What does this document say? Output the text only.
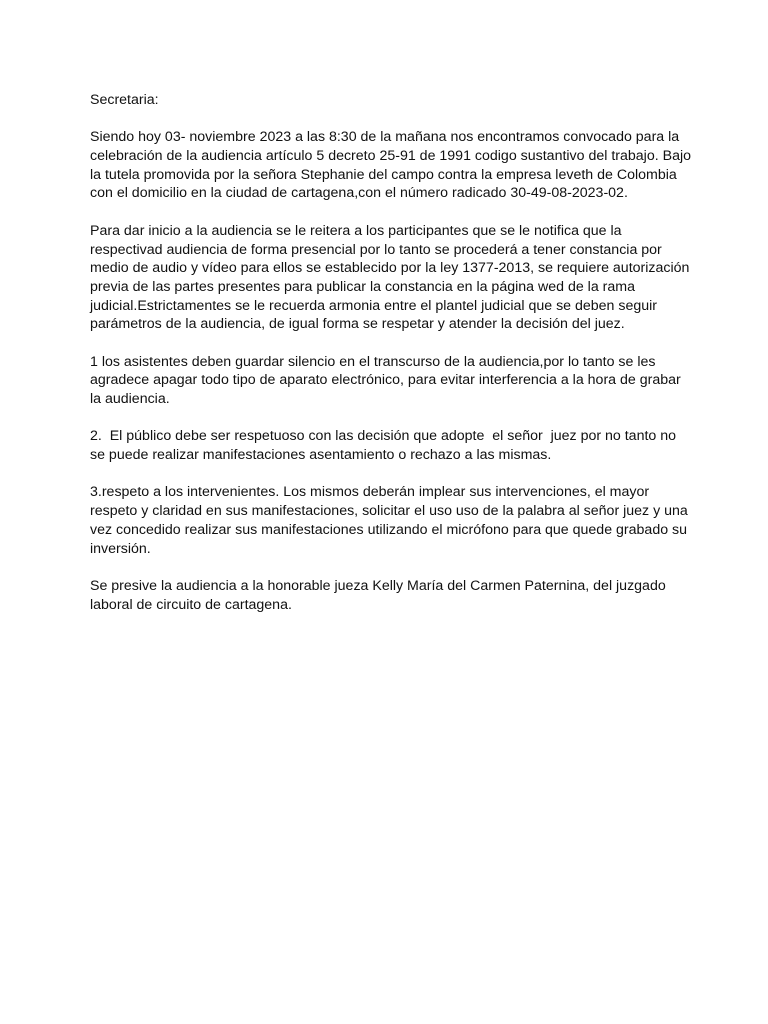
Secretaria:
Siendo hoy 03- noviembre 2023 a las 8:30 de la mañana nos encontramos convocado para la
celebración de la audiencia artículo 5 decreto 25-91 de 1991 codigo sustantivo del trabajo. Bajo
la tutela promovida por la señora Stephanie del campo contra la empresa leveth de Colombia
con el domicilio en la ciudad de cartagena,con el número radicado 30-49-08-2023-02.
Para dar inicio a la audiencia se le reitera a los participantes que se le notifica que la
respectivad audiencia de forma presencial por lo tanto se procederá a tener constancia por
medio de audio y vídeo para ellos se establecido por la ley 1377-2013, se requiere autorización
previa de las partes presentes para publicar la constancia en la página wed de la rama
judicial.Estrictamentes se le recuerda armonia entre el plantel judicial que se deben seguir
parámetros de la audiencia, de igual forma se respetar y atender la decisión del juez.
1 los asistentes deben guardar silencio en el transcurso de la audiencia,por lo tanto se les
agradece apagar todo tipo de aparato electrónico, para evitar interferencia a la hora de grabar
la audiencia.
2.  El público debe ser respetuoso con las decisión que adopte  el señor  juez por no tanto no
se puede realizar manifestaciones asentamiento o rechazo a las mismas.
3.respeto a los intervenientes. Los mismos deberán implear sus intervenciones, el mayor
respeto y claridad en sus manifestaciones, solicitar el uso uso de la palabra al señor juez y una
vez concedido realizar sus manifestaciones utilizando el micrófono para que quede grabado su
inversión.
Se presive la audiencia a la honorable jueza Kelly María del Carmen Paternina, del juzgado
laboral de circuito de cartagena.
